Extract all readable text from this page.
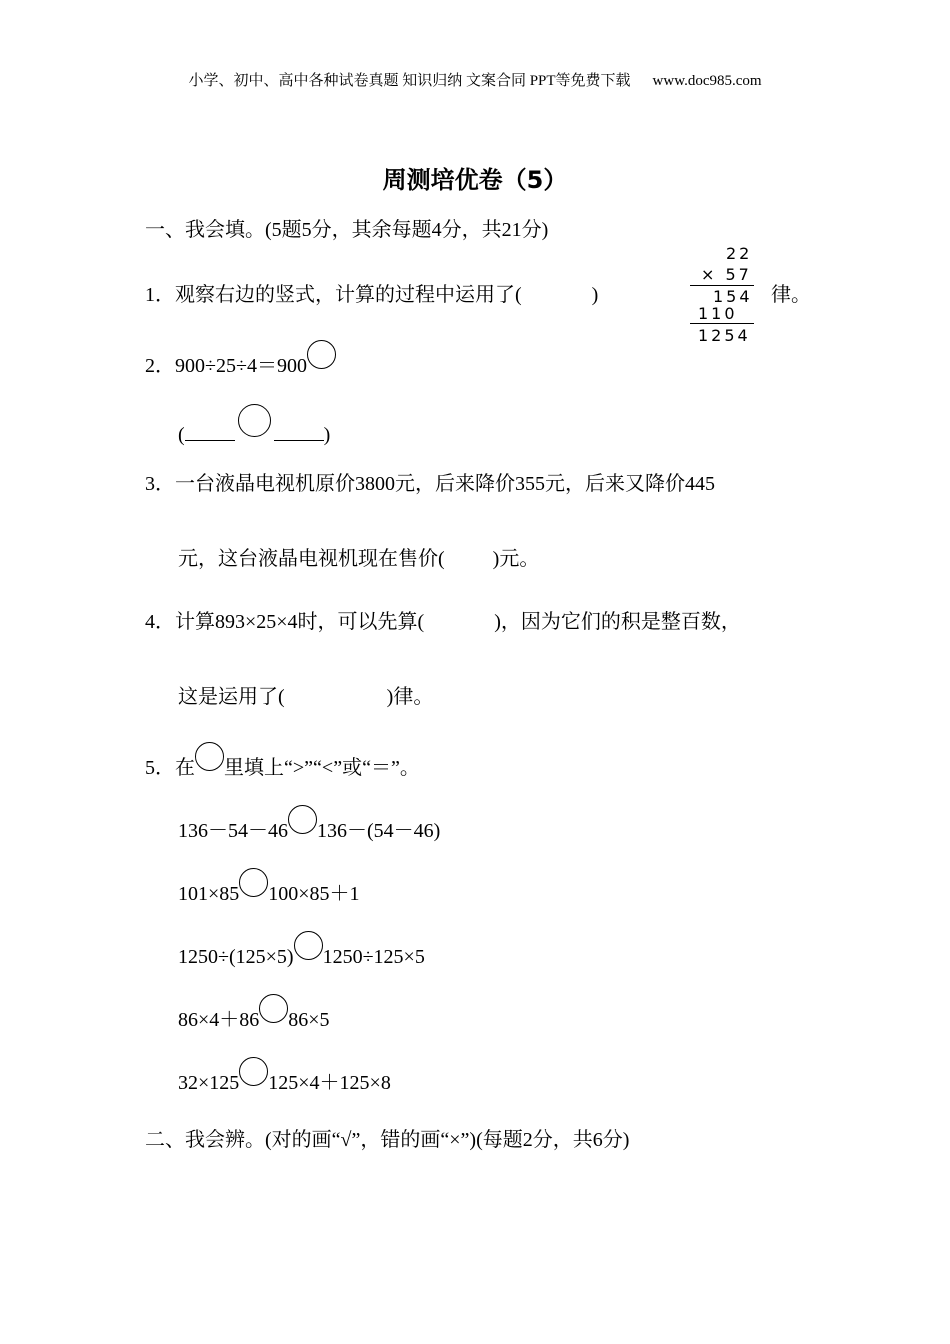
小学、初中、高中各种试卷真题 知识归纳 文案合同 PPT等免费下载 www.doc985.com
周测培优卷（5）
一、我会填。(5题5分，其余每题4分，共21分)
1．观察右边的竖式，计算的过程中运用了(	)	律。
22
× 57
154
110
1254
2．900÷25÷4＝900
(	)
3．一台液晶电视机原价3800元，后来降价355元，后来又降价445
元，这台液晶电视机现在售价( )元。
4．计算893×25×4时，可以先算(	)，因为它们的积是整百数，
这是运用了(	)律。
5．在 里填上“>”“<”或“＝”。
136－54－46 136－(54－46)
101×85 100×85＋1
1250÷(125×5) 1250÷125×5
86×4＋86 86×5
32×125 125×4＋125×8
二、我会辨。(对的画“√”，错的画“×”)(每题2分，共6分)
